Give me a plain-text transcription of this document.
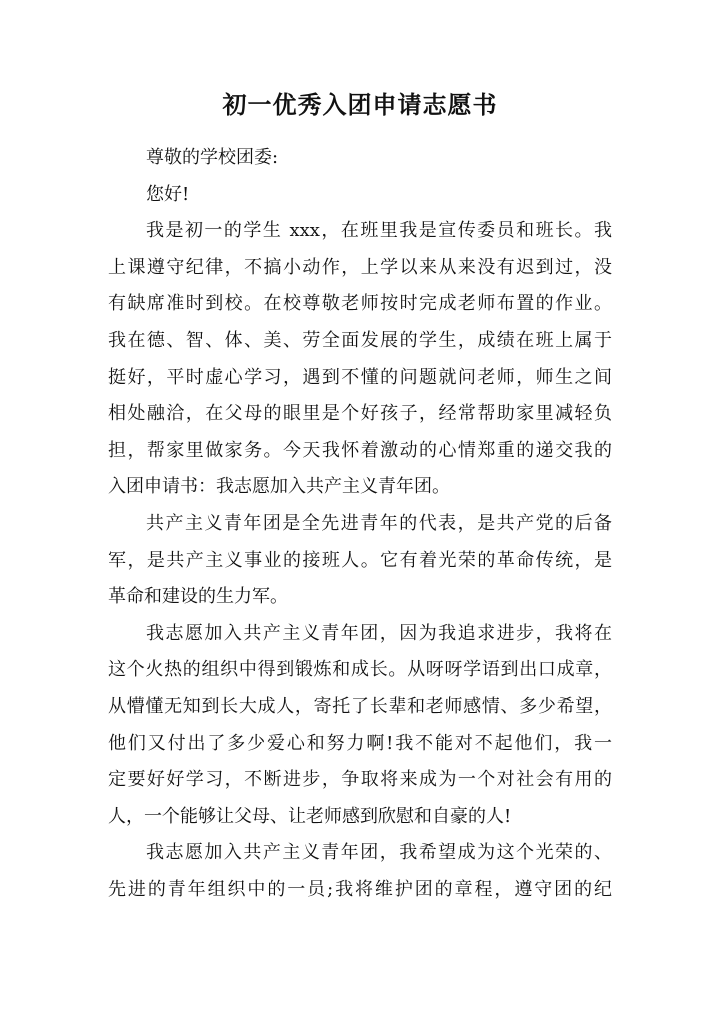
初一优秀入团申请志愿书
尊敬的学校团委:
您好!
我是初一的学生 xxx，在班里我是宣传委员和班长。我
上课遵守纪律，不搞小动作，上学以来从来没有迟到过，没
有缺席准时到校。在校尊敬老师按时完成老师布置的作业。
我在德、智、体、美、劳全面发展的学生，成绩在班上属于
挺好，平时虚心学习，遇到不懂的问题就问老师，师生之间
相处融洽，在父母的眼里是个好孩子，经常帮助家里减轻负
担，帮家里做家务。今天我怀着激动的心情郑重的递交我的
入团申请书：我志愿加入共产主义青年团。
共产主义青年团是全先进青年的代表，是共产党的后备
军，是共产主义事业的接班人。它有着光荣的革命传统，是
革命和建设的生力军。
我志愿加入共产主义青年团，因为我追求进步，我将在
这个火热的组织中得到锻炼和成长。从呀呀学语到出口成章，
从懵懂无知到长大成人，寄托了长辈和老师感情、多少希望，
他们又付出了多少爱心和努力啊!我不能对不起他们，我一
定要好好学习，不断进步，争取将来成为一个对社会有用的
人，一个能够让父母、让老师感到欣慰和自豪的人!
我志愿加入共产主义青年团，我希望成为这个光荣的、
先进的青年组织中的一员;我将维护团的章程，遵守团的纪
